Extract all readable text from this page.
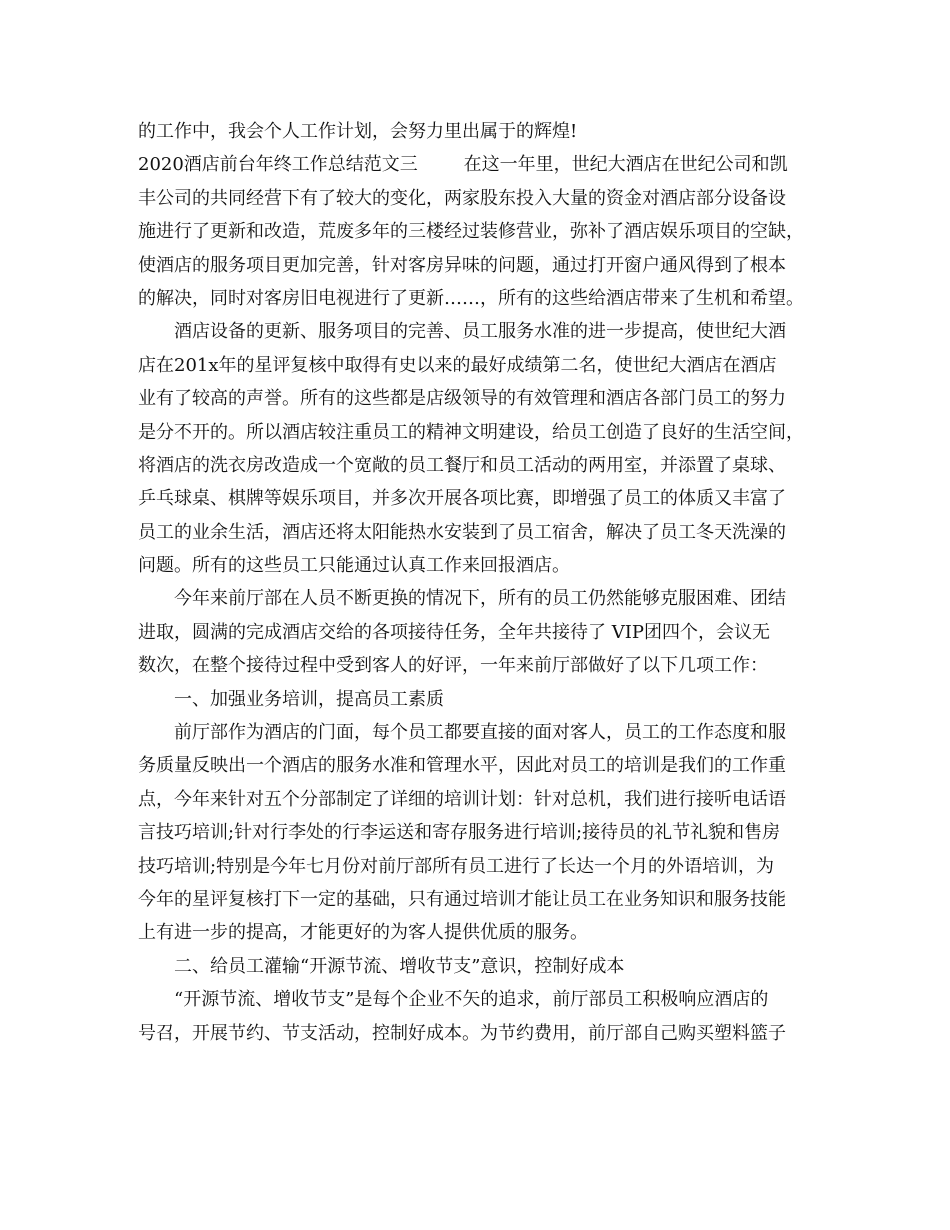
的工作中，我会个人工作计划，会努力里出属于的辉煌!
2020酒店前台年终工作总结范文三        在这一年里，世纪大酒店在世纪公司和凯
丰公司的共同经营下有了较大的变化，两家股东投入大量的资金对酒店部分设备设
施进行了更新和改造，荒废多年的三楼经过装修营业，弥补了酒店娱乐项目的空缺，
使酒店的服务项目更加完善，针对客房异味的问题，通过打开窗户通风得到了根本
的解决，同时对客房旧电视进行了更新……，所有的这些给酒店带来了生机和希望。
酒店设备的更新、服务项目的完善、员工服务水准的进一步提高，使世纪大酒
店在201x年的星评复核中取得有史以来的最好成绩第二名，使世纪大酒店在酒店
业有了较高的声誉。所有的这些都是店级领导的有效管理和酒店各部门员工的努力
是分不开的。所以酒店较注重员工的精神文明建设，给员工创造了良好的生活空间，
将酒店的洗衣房改造成一个宽敞的员工餐厅和员工活动的两用室，并添置了桌球、
乒乓球桌、棋牌等娱乐项目，并多次开展各项比赛，即增强了员工的体质又丰富了
员工的业余生活，酒店还将太阳能热水安装到了员工宿舍，解决了员工冬天洗澡的
问题。所有的这些员工只能通过认真工作来回报酒店。
今年来前厅部在人员不断更换的情况下，所有的员工仍然能够克服困难、团结
进取，圆满的完成酒店交给的各项接待任务，全年共接待了 VIP团四个，会议无
数次，在整个接待过程中受到客人的好评，一年来前厅部做好了以下几项工作：
一、加强业务培训，提高员工素质
前厅部作为酒店的门面，每个员工都要直接的面对客人，员工的工作态度和服
务质量反映出一个酒店的服务水准和管理水平，因此对员工的培训是我们的工作重
点，今年来针对五个分部制定了详细的培训计划：针对总机，我们进行接听电话语
言技巧培训;针对行李处的行李运送和寄存服务进行培训;接待员的礼节礼貌和售房
技巧培训;特别是今年七月份对前厅部所有员工进行了长达一个月的外语培训，为
今年的星评复核打下一定的基础，只有通过培训才能让员工在业务知识和服务技能
上有进一步的提高，才能更好的为客人提供优质的服务。
二、给员工灌输“开源节流、增收节支”意识，控制好成本
“开源节流、增收节支”是每个企业不矢的追求，前厅部员工积极响应酒店的
号召，开展节约、节支活动，控制好成本。为节约费用，前厅部自己购买塑料篮子
